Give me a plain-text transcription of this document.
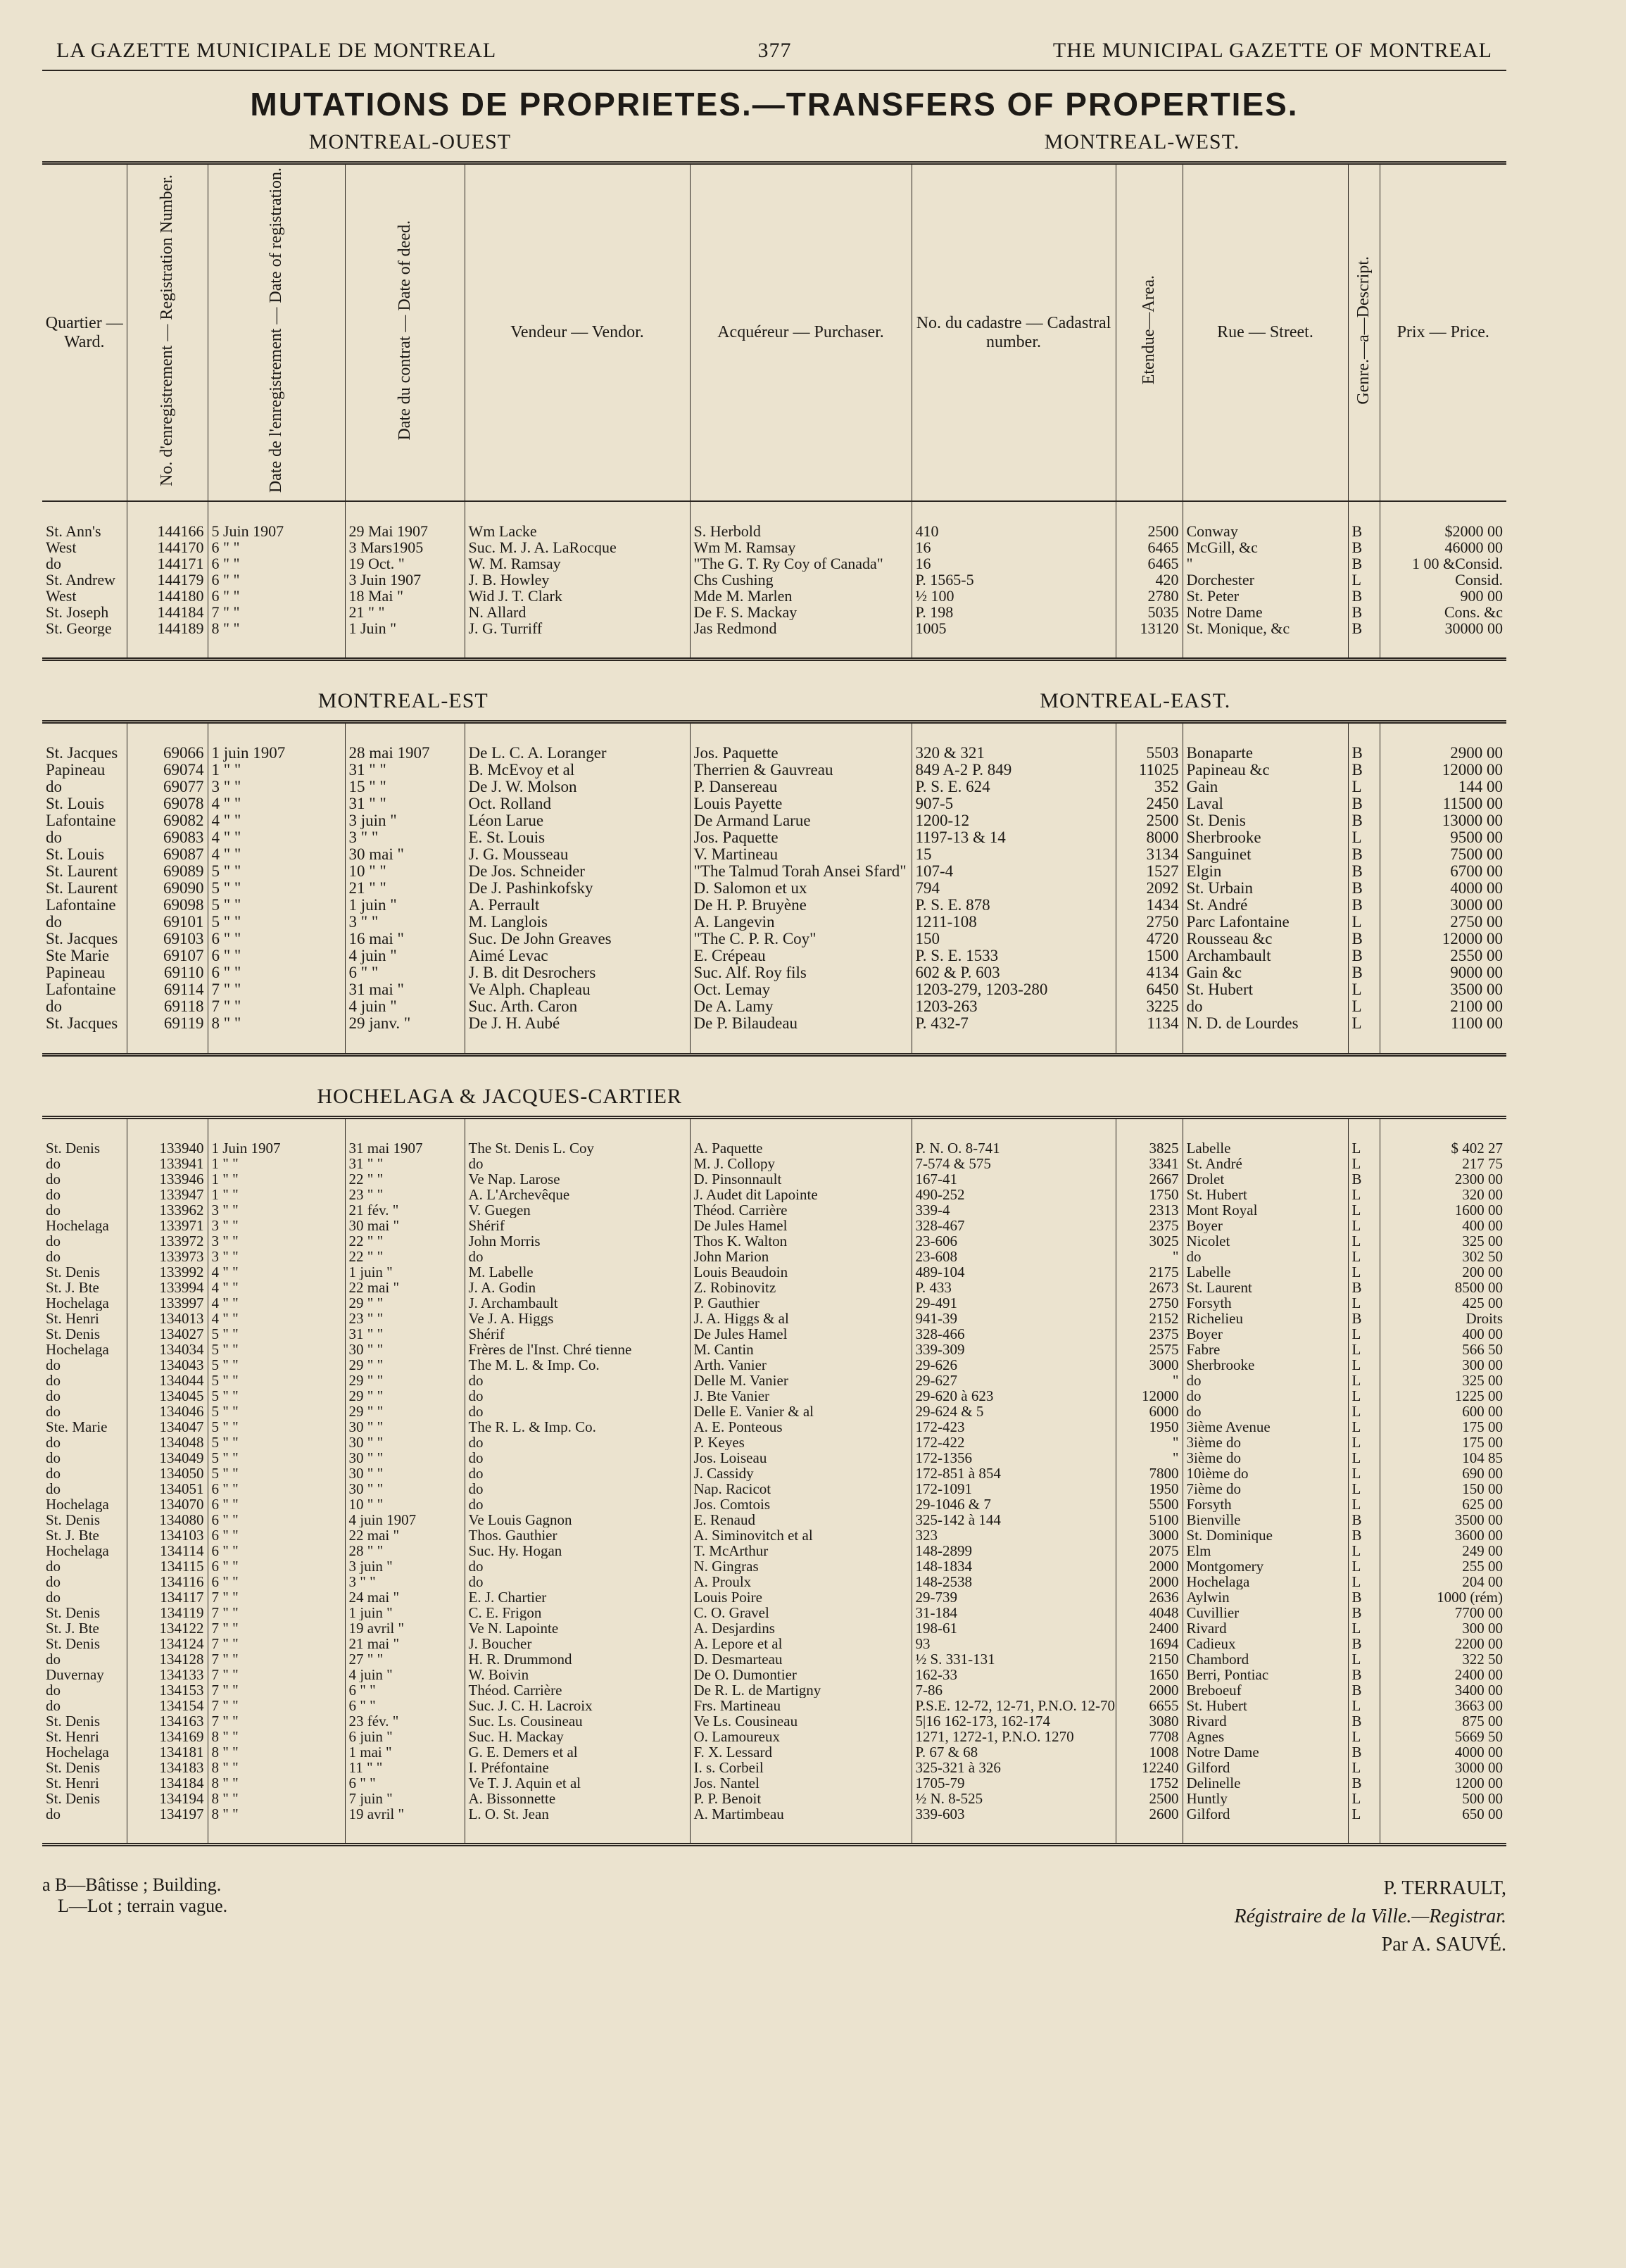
LA GAZETTE MUNICIPALE DE MONTREAL	377	THE MUNICIPAL GAZETTE OF MONTREAL
MUTATIONS DE PROPRIETES.—TRANSFERS OF PROPERTIES.
MONTREAL-OUEST	MONTREAL-WEST.
Quartier — Ward.	No. d'enregistrement — Registration Number.	Date de l'enregistrement — Date of registration.	Date du contrat — Date of deed.	Vendeur — Vendor.	Acquéreur — Purchaser.	No. du cadastre — Cadastral number.	Etendue—Area.	Rue — Street.	Genre.—a—Descript.	Prix — Price.

St. Ann's	144166	5 Juin 1907	29 Mai 1907	Wm Lacke	S. Herbold	410	2500	Conway	B	$2000 00
West	144170	6 " "	3 Mars1905	Suc. M. J. A. LaRocque	Wm M. Ramsay	16	6465	McGill, &c	B	46000 00
do	144171	6 " "	19 Oct. "	W. M. Ramsay	"The G. T. Ry Coy of Canada"	16	6465	"	B	1 00 &Consid.
St. Andrew	144179	6 " "	3 Juin 1907	J. B. Howley	Chs Cushing	P. 1565-5	420	Dorchester	L	Consid.
West	144180	6 " "	18 Mai "	Wid J. T. Clark	Mde M. Marlen	½ 100	2780	St. Peter	B	900 00
St. Joseph	144184	7 " "	21 " "	N. Allard	De F. S. Mackay	P. 198	5035	Notre Dame	B	Cons. &c
St. George	144189	8 " "	1 Juin "	J. G. Turriff	Jas Redmond	1005	13120	St. Monique, &c	B	30000 00

MONTREAL-EST	MONTREAL-EAST.

St. Jacques	69066	1 juin 1907	28 mai 1907	De L. C. A. Loranger	Jos. Paquette	320 & 321	5503	Bonaparte	B	2900 00
Papineau	69074	1 " "	31 " "	B. McEvoy et al	Therrien & Gauvreau	849 A-2 P. 849	11025	Papineau &c	B	12000 00
do	69077	3 " "	15 " "	De J. W. Molson	P. Dansereau	P. S. E. 624	352	Gain	L	144 00
St. Louis	69078	4 " "	31 " "	Oct. Rolland	Louis Payette	907-5	2450	Laval	B	11500 00
Lafontaine	69082	4 " "	3 juin "	Léon Larue	De Armand Larue	1200-12	2500	St. Denis	B	13000 00
do	69083	4 " "	3 " "	E. St. Louis	Jos. Paquette	1197-13 & 14	8000	Sherbrooke	L	9500 00
St. Louis	69087	4 " "	30 mai "	J. G. Mousseau	V. Martineau	15	3134	Sanguinet	B	7500 00
St. Laurent	69089	5 " "	10 " "	De Jos. Schneider	"The Talmud Torah Ansei Sfard"	107-4	1527	Elgin	B	6700 00
St. Laurent	69090	5 " "	21 " "	De J. Pashinkofsky	D. Salomon et ux	794	2092	St. Urbain	B	4000 00
Lafontaine	69098	5 " "	1 juin "	A. Perrault	De H. P. Bruyène	P. S. E. 878	1434	St. André	B	3000 00
do	69101	5 " "	3 " "	M. Langlois	A. Langevin	1211-108	2750	Parc Lafontaine	L	2750 00
St. Jacques	69103	6 " "	16 mai "	Suc. De John Greaves	"The C. P. R. Coy"	150	4720	Rousseau &c	B	12000 00
Ste Marie	69107	6 " "	4 juin "	Aimé Levac	E. Crépeau	P. S. E. 1533	1500	Archambault	B	2550 00
Papineau	69110	6 " "	6 " "	J. B. dit Desrochers	Suc. Alf. Roy fils	602 & P. 603	4134	Gain &c	B	9000 00
Lafontaine	69114	7 " "	31 mai "	Ve Alph. Chapleau	Oct. Lemay	1203-279, 1203-280	6450	St. Hubert	L	3500 00
do	69118	7 " "	4 juin "	Suc. Arth. Caron	De A. Lamy	1203-263	3225	do	L	2100 00
St. Jacques	69119	8 " "	29 janv. "	De J. H. Aubé	De P. Bilaudeau	P. 432-7	1134	N. D. de Lourdes	L	1100 00

HOCHELAGA & JACQUES-CARTIER

St. Denis	133940	1 Juin 1907	31 mai 1907	The St. Denis L. Coy	A. Paquette	P. N. O. 8-741	3825	Labelle	L	$ 402 27
do	133941	1 " "	31 " "	do	M. J. Collopy	7-574 & 575	3341	St. André	L	217 75
do	133946	1 " "	22 " "	Ve Nap. Larose	D. Pinsonnault	167-41	2667	Drolet	B	2300 00
do	133947	1 " "	23 " "	A. L'Archevêque	J. Audet dit Lapointe	490-252	1750	St. Hubert	L	320 00
do	133962	3 " "	21 fév. "	V. Guegen	Théod. Carrière	339-4	2313	Mont Royal	L	1600 00
Hochelaga	133971	3 " "	30 mai "	Shérif	De Jules Hamel	328-467	2375	Boyer	L	400 00
do	133972	3 " "	22 " "	John Morris	Thos K. Walton	23-606	3025	Nicolet	L	325 00
do	133973	3 " "	22 " "	do	John Marion	23-608	"	do	L	302 50
St. Denis	133992	4 " "	1 juin "	M. Labelle	Louis Beaudoin	489-104	2175	Labelle	L	200 00
St. J. Bte	133994	4 " "	22 mai "	J. A. Godin	Z. Robinovitz	P. 433	2673	St. Laurent	B	8500 00
Hochelaga	133997	4 " "	29 " "	J. Archambault	P. Gauthier	29-491	2750	Forsyth	L	425 00
St. Henri	134013	4 " "	23 " "	Ve J. A. Higgs	J. A. Higgs & al	941-39	2152	Richelieu	B	Droits
St. Denis	134027	5 " "	31 " "	Shérif	De Jules Hamel	328-466	2375	Boyer	L	400 00
Hochelaga	134034	5 " "	30 " "	Frères de l'Inst. Chré tienne	M. Cantin	339-309	2575	Fabre	L	566 50
do	134043	5 " "	29 " "	The M. L. & Imp. Co.	Arth. Vanier	29-626	3000	Sherbrooke	L	300 00
do	134044	5 " "	29 " "	do	Delle M. Vanier	29-627	"	do	L	325 00
do	134045	5 " "	29 " "	do	J. Bte Vanier	29-620 à 623	12000	do	L	1225 00
do	134046	5 " "	29 " "	do	Delle E. Vanier & al	29-624 & 5	6000	do	L	600 00
Ste. Marie	134047	5 " "	30 " "	The R. L. & Imp. Co.	A. E. Ponteous	172-423	1950	3ième Avenue	L	175 00
do	134048	5 " "	30 " "	do	P. Keyes	172-422	"	3ième do	L	175 00
do	134049	5 " "	30 " "	do	Jos. Loiseau	172-1356	"	3ième do	L	104 85
do	134050	5 " "	30 " "	do	J. Cassidy	172-851 à 854	7800	10ième do	L	690 00
do	134051	6 " "	30 " "	do	Nap. Racicot	172-1091	1950	7ième do	L	150 00
Hochelaga	134070	6 " "	10 " "	do	Jos. Comtois	29-1046 & 7	5500	Forsyth	L	625 00
St. Denis	134080	6 " "	4 juin 1907	Ve Louis Gagnon	E. Renaud	325-142 à 144	5100	Bienville	B	3500 00
St. J. Bte	134103	6 " "	22 mai "	Thos. Gauthier	A. Siminovitch et al	323	3000	St. Dominique	B	3600 00
Hochelaga	134114	6 " "	28 " "	Suc. Hy. Hogan	T. McArthur	148-2899	2075	Elm	L	249 00
do	134115	6 " "	3 juin "	do	N. Gingras	148-1834	2000	Montgomery	L	255 00
do	134116	6 " "	3 " "	do	A. Proulx	148-2538	2000	Hochelaga	L	204 00
do	134117	7 " "	24 mai "	E. J. Chartier	Louis Poire	29-739	2636	Aylwin	B	1000 (rém)
St. Denis	134119	7 " "	1 juin "	C. E. Frigon	C. O. Gravel	31-184	4048	Cuvillier	B	7700 00
St. J. Bte	134122	7 " "	19 avril "	Ve N. Lapointe	A. Desjardins	198-61	2400	Rivard	L	300 00
St. Denis	134124	7 " "	21 mai "	J. Boucher	A. Lepore et al	93	1694	Cadieux	B	2200 00
do	134128	7 " "	27 " "	H. R. Drummond	D. Desmarteau	½ S. 331-131	2150	Chambord	L	322 50
Duvernay	134133	7 " "	4 juin "	W. Boivin	De O. Dumontier	162-33	1650	Berri, Pontiac	B	2400 00
do	134153	7 " "	6 " "	Théod. Carrière	De R. L. de Martigny	7-86	2000	Breboeuf	B	3400 00
do	134154	7 " "	6 " "	Suc. J. C. H. Lacroix	Frs. Martineau	P.S.E. 12-72, 12-71, P.N.O. 12-70	6655	St. Hubert	L	3663 00
St. Denis	134163	7 " "	23 fév. "	Suc. Ls. Cousineau	Ve Ls. Cousineau	5|16 162-173, 162-174	3080	Rivard	B	875 00
St. Henri	134169	8 " "	6 juin "	Suc. H. Mackay	O. Lamoureux	1271, 1272-1, P.N.O. 1270	7708	Agnes	L	5669 50
Hochelaga	134181	8 " "	1 mai "	G. E. Demers et al	F. X. Lessard	P. 67 & 68	1008	Notre Dame	B	4000 00
St. Denis	134183	8 " "	11 " "	I. Préfontaine	I. s. Corbeil	325-321 à 326	12240	Gilford	L	3000 00
St. Henri	134184	8 " "	6 " "	Ve T. J. Aquin et al	Jos. Nantel	1705-79	1752	Delinelle	B	1200 00
St. Denis	134194	8 " "	7 juin "	A. Bissonnette	P. P. Benoit	½ N. 8-525	2500	Huntly	L	500 00
do	134197	8 " "	19 avril "	L. O. St. Jean	A. Martimbeau	339-603	2600	Gilford	L	650 00

a B—Bâtisse ; Building.
L—Lot ; terrain vague.
P. TERRAULT,
Régistraire de la Ville.—Registrar.
Par A. SAUVÉ.
